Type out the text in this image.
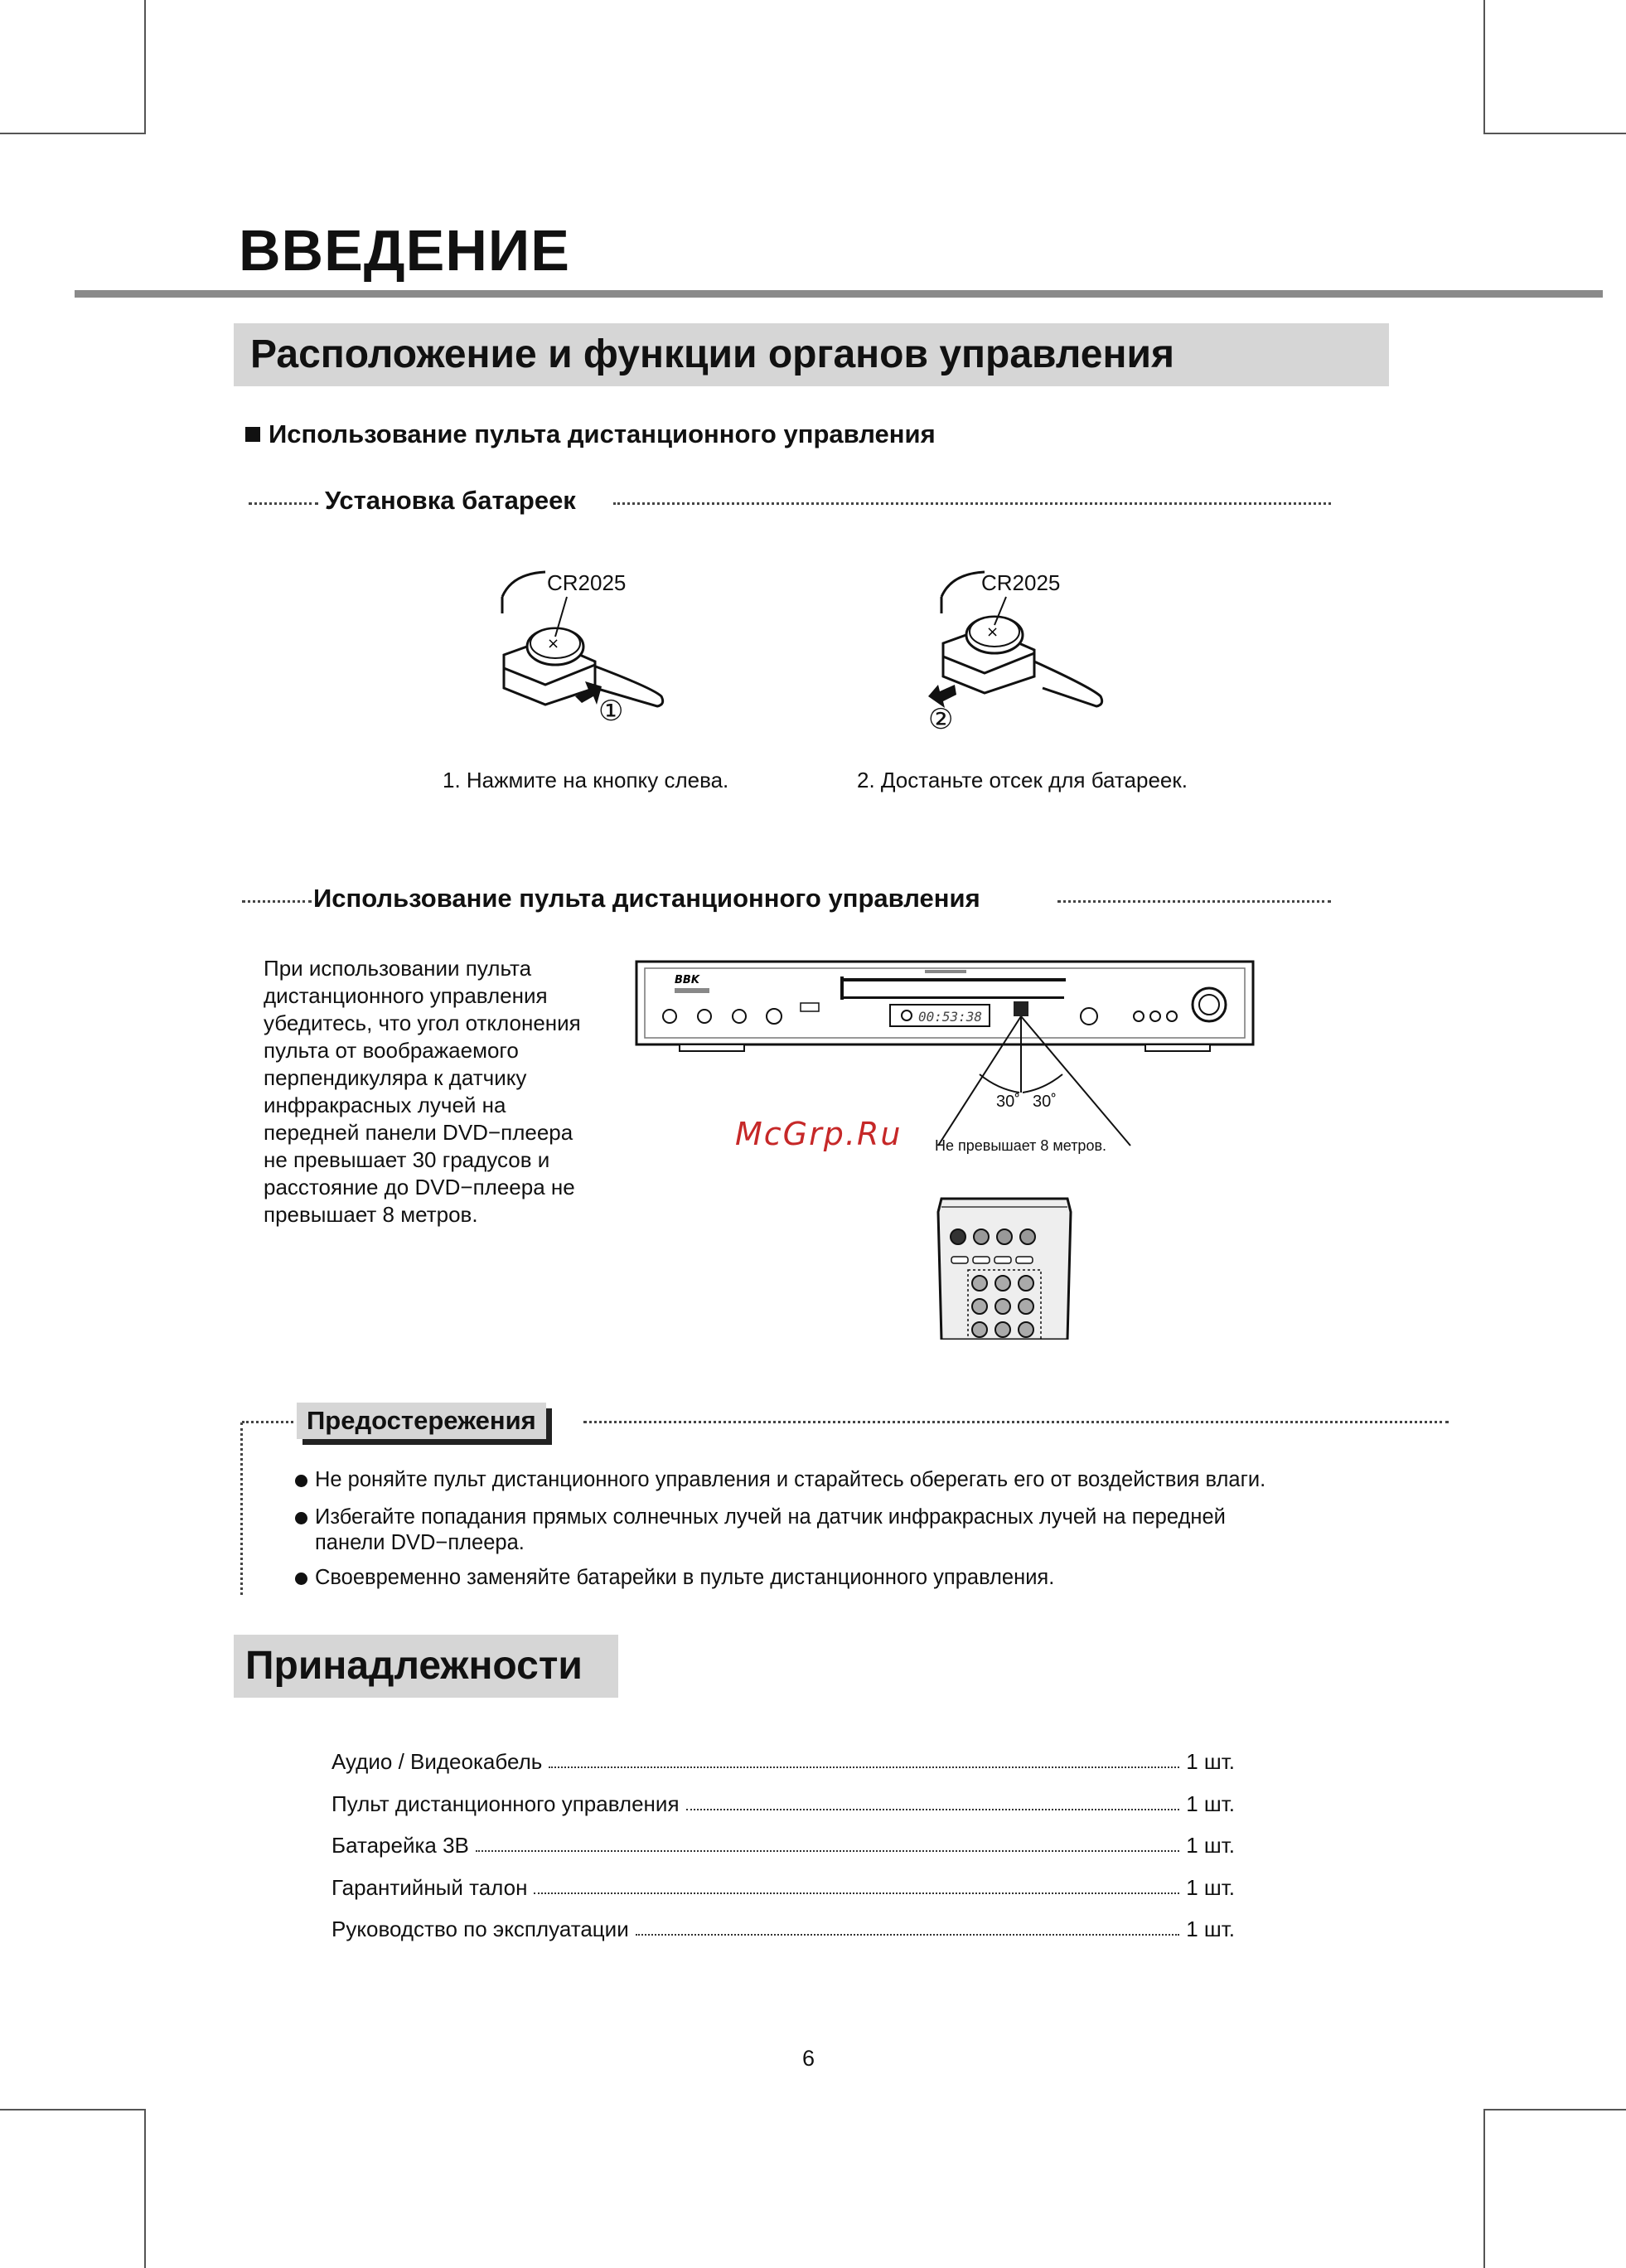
ВВЕДЕНИЕ
Расположение и функции органов управления
Использование пульта дистанционного управления
Установка батареек
×
CR2025
①
×
CR2025
②
1. Нажмите на кнопку слева.	2. Достаньте отсек для батареек.
Использование пульта дистанционного управления
При использовании пульта
дистанционного управления
убедитесь, что угол отклонения
пульта от воображаемого
перпендикуляра к датчику
инфракрасных лучей на
передней панели DVD−плеера
не превышает 30 градусов и
расстояние до DVD−плеера не
превышает 8 метров.
BBK
00:53:38
30˚ 30˚
Не превышает 8 метров.
McGrp.Ru
Предостережения
Не роняйте пульт дистанционного управления и старайтесь оберегать его от воздействия влаги.
Избегайте попадания прямых солнечных лучей на датчик инфракрасных лучей на передней
панели DVD−плеера.
Своевременно заменяйте батарейки в пульте дистанционного управления.
Принадлежности
Аудио / Видеокабель	1 шт.
Пульт дистанционного управления	1 шт.
Батарейка 3В	1 шт.
Гарантийный талон	1 шт.
Руководство по эксплуатации	1 шт.
6
